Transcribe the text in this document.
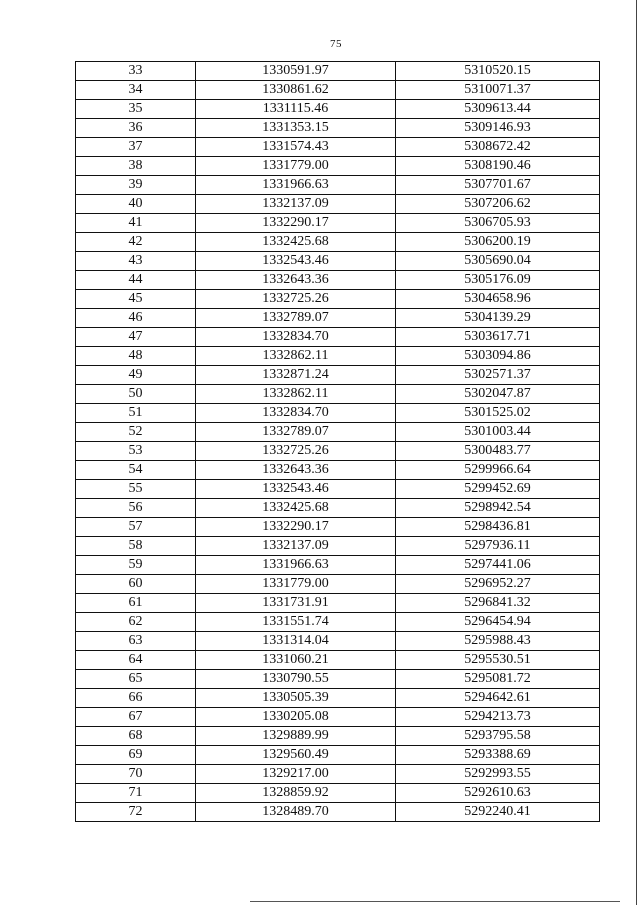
75
33	1330591.97	5310520.15
34	1330861.62	5310071.37
35	1331115.46	5309613.44
36	1331353.15	5309146.93
37	1331574.43	5308672.42
38	1331779.00	5308190.46
39	1331966.63	5307701.67
40	1332137.09	5307206.62
41	1332290.17	5306705.93
42	1332425.68	5306200.19
43	1332543.46	5305690.04
44	1332643.36	5305176.09
45	1332725.26	5304658.96
46	1332789.07	5304139.29
47	1332834.70	5303617.71
48	1332862.11	5303094.86
49	1332871.24	5302571.37
50	1332862.11	5302047.87
51	1332834.70	5301525.02
52	1332789.07	5301003.44
53	1332725.26	5300483.77
54	1332643.36	5299966.64
55	1332543.46	5299452.69
56	1332425.68	5298942.54
57	1332290.17	5298436.81
58	1332137.09	5297936.11
59	1331966.63	5297441.06
60	1331779.00	5296952.27
61	1331731.91	5296841.32
62	1331551.74	5296454.94
63	1331314.04	5295988.43
64	1331060.21	5295530.51
65	1330790.55	5295081.72
66	1330505.39	5294642.61
67	1330205.08	5294213.73
68	1329889.99	5293795.58
69	1329560.49	5293388.69
70	1329217.00	5292993.55
71	1328859.92	5292610.63
72	1328489.70	5292240.41
